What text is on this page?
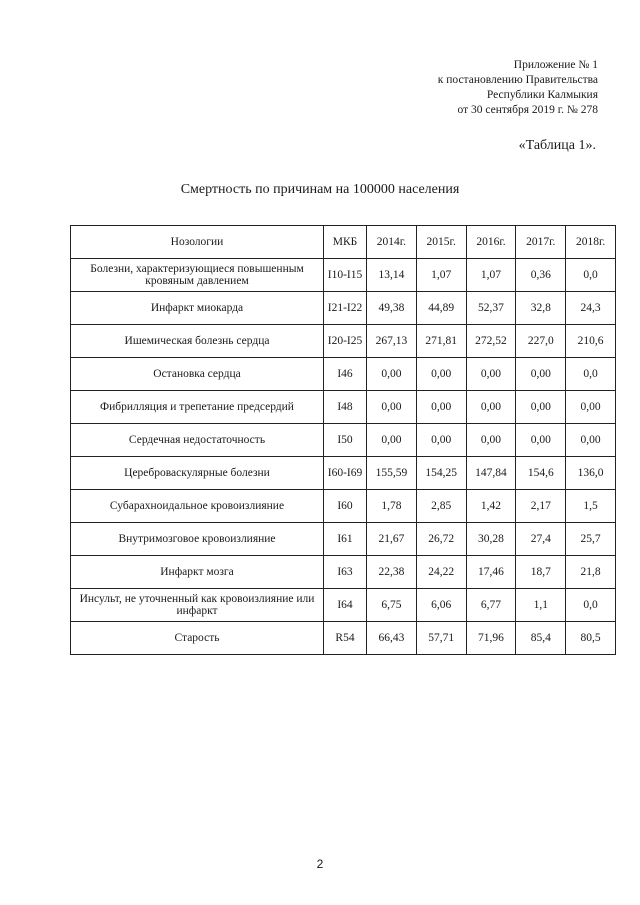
Приложение № 1
к постановлению Правительства
Республики Калмыкия
от 30 сентября 2019 г. № 278
«Таблица 1».
Смертность по причинам на 100000 населения
Нозологии	МКБ	2014г.	2015г.	2016г.	2017г.	2018г.
Болезни, характеризующиеся повышенным кровяным давлением	I10-I15	13,14	1,07	1,07	0,36	0,0
Инфаркт миокарда	I21-I22	49,38	44,89	52,37	32,8	24,3
Ишемическая болезнь сердца	I20-I25	267,13	271,81	272,52	227,0	210,6
Остановка сердца	I46	0,00	0,00	0,00	0,00	0,0
Фибрилляция и трепетание предсердий	I48	0,00	0,00	0,00	0,00	0,00
Сердечная недостаточность	I50	0,00	0,00	0,00	0,00	0,00
Цереброваскулярные болезни	I60-I69	155,59	154,25	147,84	154,6	136,0
Субарахноидальное кровоизлияние	I60	1,78	2,85	1,42	2,17	1,5
Внутримозговое кровоизлияние	I61	21,67	26,72	30,28	27,4	25,7
Инфаркт мозга	I63	22,38	24,22	17,46	18,7	21,8
Инсульт, не уточненный как кровоизлияние или инфаркт	I64	6,75	6,06	6,77	1,1	0,0
Старость	R54	66,43	57,71	71,96	85,4	80,5
2
